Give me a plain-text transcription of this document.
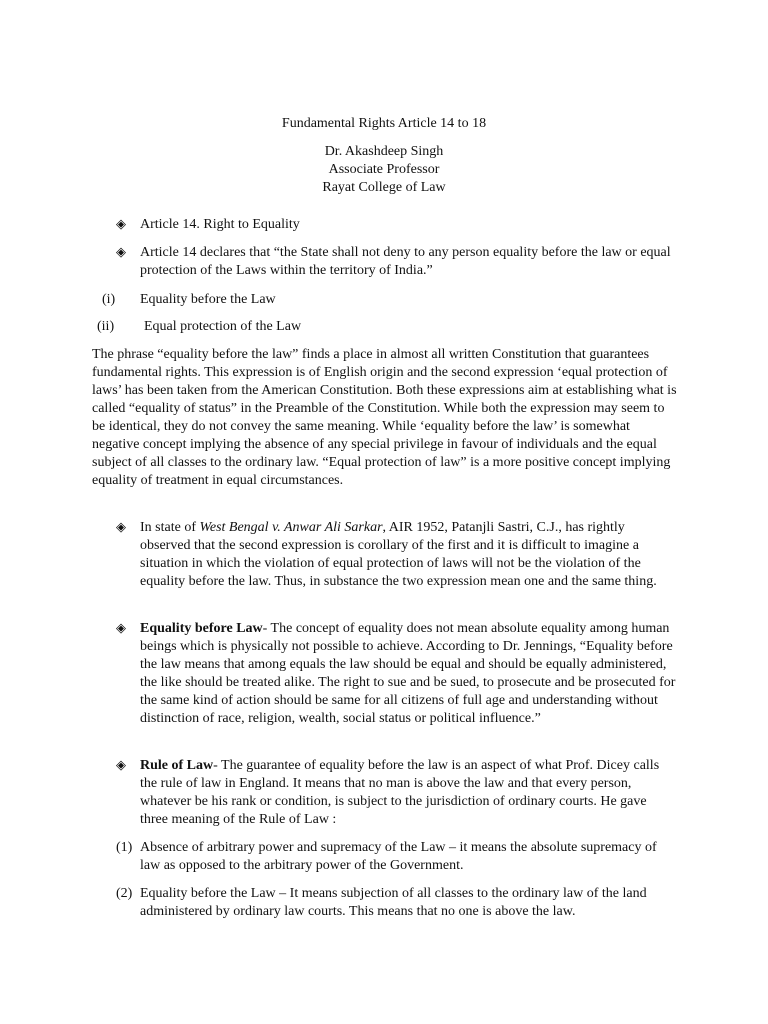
Fundamental Rights Article 14 to 18

Dr. Akashdeep Singh

Associate Professor

Rayat College of Law

◈	Article 14. Right to Equality

◈	Article 14 declares that “the State shall not deny to any person equality before the law or equal protection of the Laws within the territory of India.”

(i) Equality before the Law

(ii) Equal protection of the Law

The phrase “equality before the law” finds a place in almost all written Constitution that guarantees fundamental rights. This expression is of English origin and the second expression ‘equal protection of laws’ has been taken from the American Constitution. Both these expressions aim at establishing what is called “equality of status” in the Preamble of the Constitution. While both the expression may seem to be identical, they do not convey the same meaning. While ‘equality before the law’ is somewhat negative concept implying the absence of any special privilege in favour of individuals and the equal subject of all classes to the ordinary law. “Equal protection of law” is a more positive concept implying equality of treatment in equal circumstances.

◈	In state of West Bengal v. Anwar Ali Sarkar, AIR 1952, Patanjli Sastri, C.J., has rightly observed that the second expression is corollary of the first and it is difficult to imagine a situation in which the violation of equal protection of laws will not be the violation of the equality before the law. Thus, in substance the two expression mean one and the same thing.

◈	Equality before Law- The concept of equality does not mean absolute equality among human beings which is physically not possible to achieve. According to Dr. Jennings, “Equality before the law means that among equals the law should be equal and should be equally administered, the like should be treated alike. The right to sue and be sued, to prosecute and be prosecuted for the same kind of action should be same for all citizens of full age and understanding without distinction of race, religion, wealth, social status or political influence.”

◈	Rule of Law- The guarantee of equality before the law is an aspect of what Prof. Dicey calls the rule of law in England. It means that no man is above the law and that every person, whatever be his rank or condition, is subject to the jurisdiction of ordinary courts. He gave three meaning of the Rule of Law :

(1) Absence of arbitrary power and supremacy of the Law – it means the absolute supremacy of law as opposed to the arbitrary power of the Government.

(2) Equality before the Law – It means subjection of all classes to the ordinary law of the land administered by ordinary law courts. This means that no one is above the law.
